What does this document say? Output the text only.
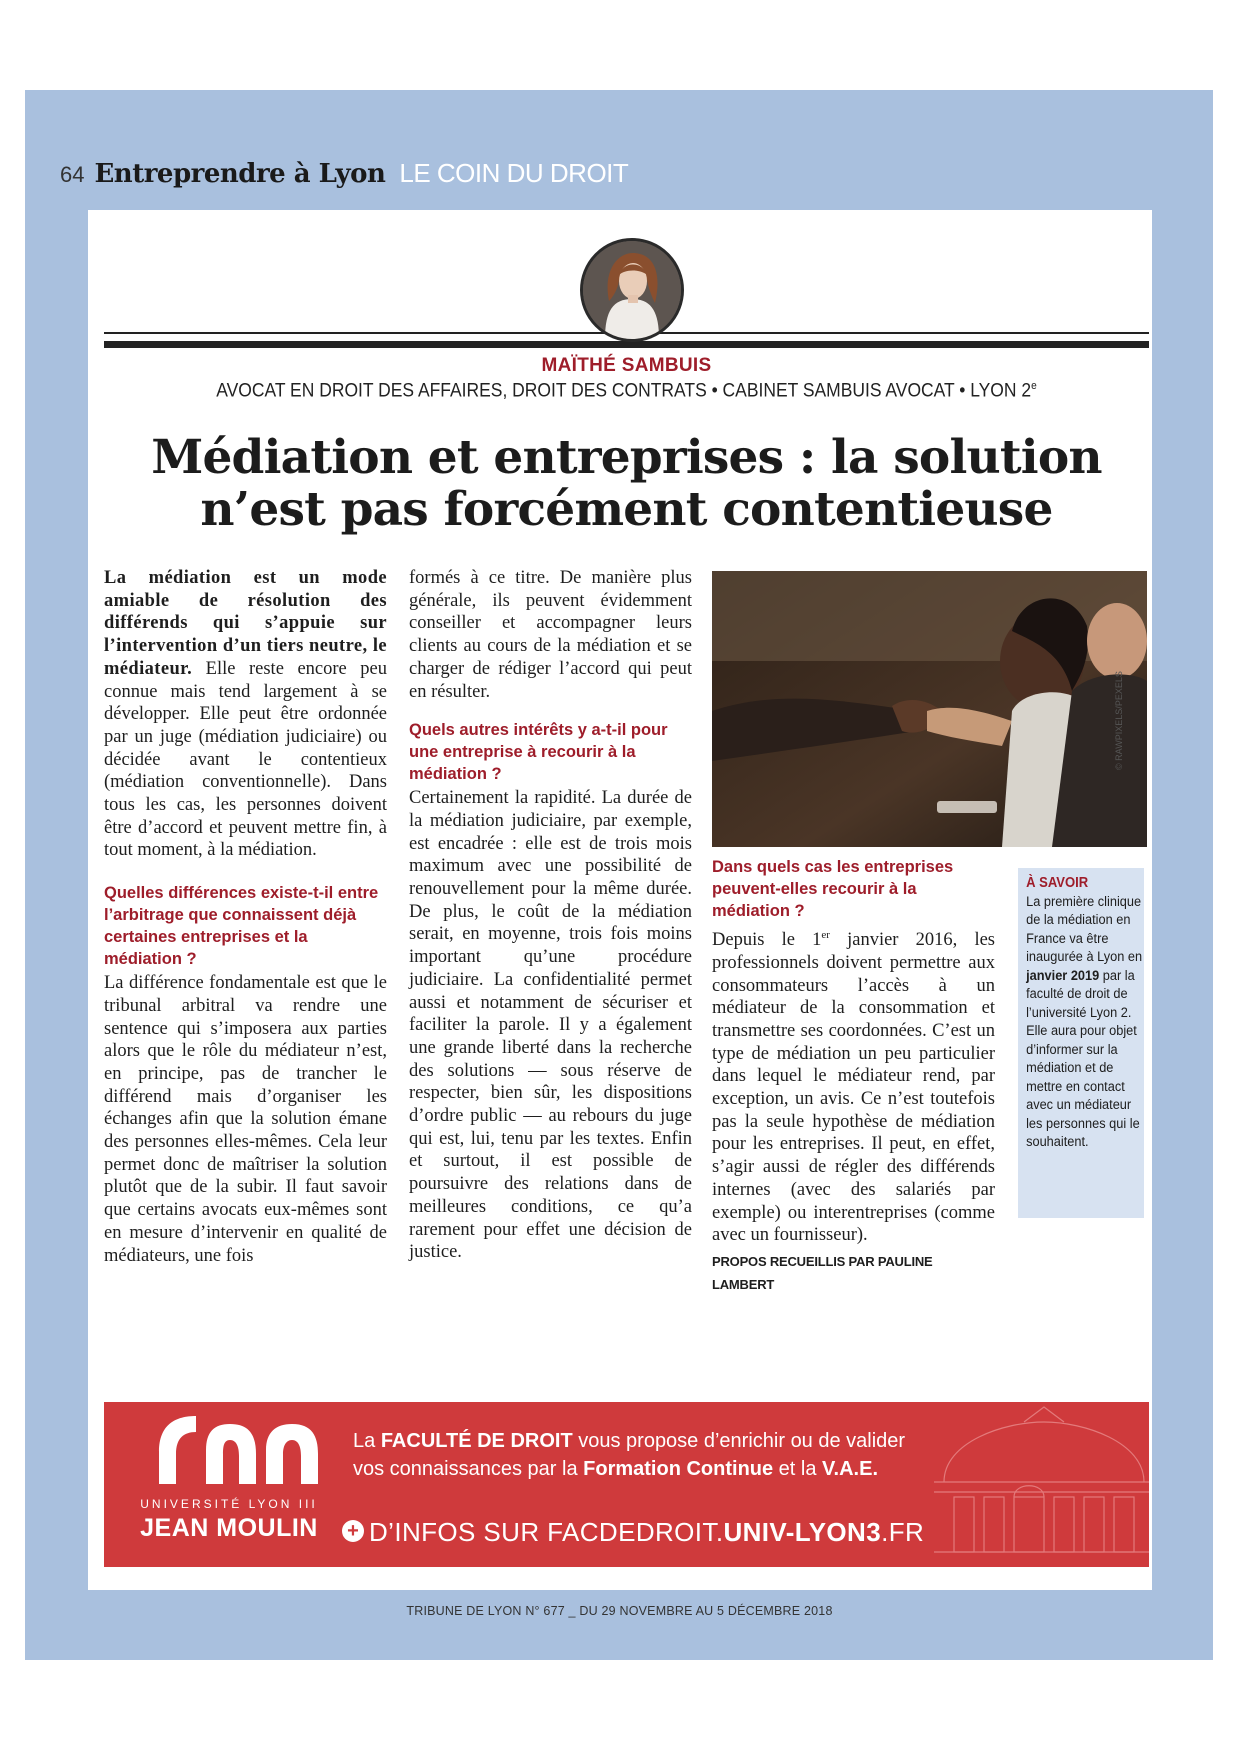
64 Entreprendre à Lyon LE COIN DU DROIT
MAÏTHÉ SAMBUIS
AVOCAT EN DROIT DES AFFAIRES, DROIT DES CONTRATS • CABINET SAMBUIS AVOCAT • LYON 2e
Médiation et entreprises : la solution
n’est pas forcément contentieuse

La médiation est un mode amiable de résolution des différends qui s’appuie sur l’intervention d’un tiers neutre, le médiateur. Elle reste encore peu connue mais tend largement à se développer. Elle peut être ordonnée par un juge (médiation judiciaire) ou décidée avant le contentieux (médiation conventionnelle). Dans tous les cas, les personnes doivent être d’accord et peuvent mettre fin, à tout moment, à la médiation.

Quelles différences existe-t-il entre l’arbitrage que connaissent déjà certaines entreprises et la médiation ?

La différence fondamentale est que le tribunal arbitral va rendre une sentence qui s’imposera aux parties alors que le rôle du médiateur n’est, en principe, pas de trancher le différend mais d’organiser les échanges afin que la solution émane des personnes elles-mêmes. Cela leur permet donc de maîtriser la solution plutôt que de la subir. Il faut savoir que certains avocats eux-mêmes sont en mesure d’intervenir en qualité de médiateurs, une fois

formés à ce titre. De manière plus générale, ils peuvent évidemment conseiller et accompagner leurs clients au cours de la médiation et se charger de rédiger l’accord qui peut en résulter.

Quels autres intérêts y a-t-il pour une entreprise à recourir à la médiation ?

Certainement la rapidité. La durée de la médiation judiciaire, par exemple, est encadrée : elle est de trois mois maximum avec une possibilité de renouvellement pour la même durée. De plus, le coût de la médiation serait, en moyenne, trois fois moins important qu’une procédure judiciaire. La confidentialité permet aussi et notamment de sécuriser et faciliter la parole. Il y a également une grande liberté dans la recherche des solutions — sous réserve de respecter, bien sûr, les dispositions d’ordre public — au rebours du juge qui est, lui, tenu par les textes. Enfin et surtout, il est possible de poursuivre des relations dans de meilleures conditions, ce qu’a rarement pour effet une décision de justice.

© RAWPIXELS/PEXELS
Dans quels cas les entreprises peuvent-elles recourir à la médiation ?

Depuis le 1er janvier 2016, les professionnels doivent permettre aux consommateurs l’accès à un médiateur de la consommation et transmettre ses coordonnées. C’est un type de médiation un peu particulier dans lequel le médiateur rend, par exception, un avis. Ce n’est toutefois pas la seule hypothèse de médiation pour les entreprises. Il peut, en effet, s’agir aussi de régler des différends internes (avec des salariés par exemple) ou interentreprises (comme avec un fournisseur).

PROPOS RECUEILLIS PAR PAULINE LAMBERT
À SAVOIR
La première clinique de la médiation en France va être inaugurée à Lyon en janvier 2019 par la faculté de droit de l’université Lyon 2. Elle aura pour objet d’informer sur la médiation et de mettre en contact avec un médiateur les personnes qui le souhaitent.
UNIVERSITÉ LYON III
JEAN MOULIN
La FACULTÉ DE DROIT vous propose d’enrichir ou de valider
vos connaissances par la Formation Continue et la V.A.E.
+ D’INFOS SUR FACDEDROIT.UNIV-LYON3.FR
TRIBUNE DE LYON N° 677 _ DU 29 NOVEMBRE AU 5 DÉCEMBRE 2018
